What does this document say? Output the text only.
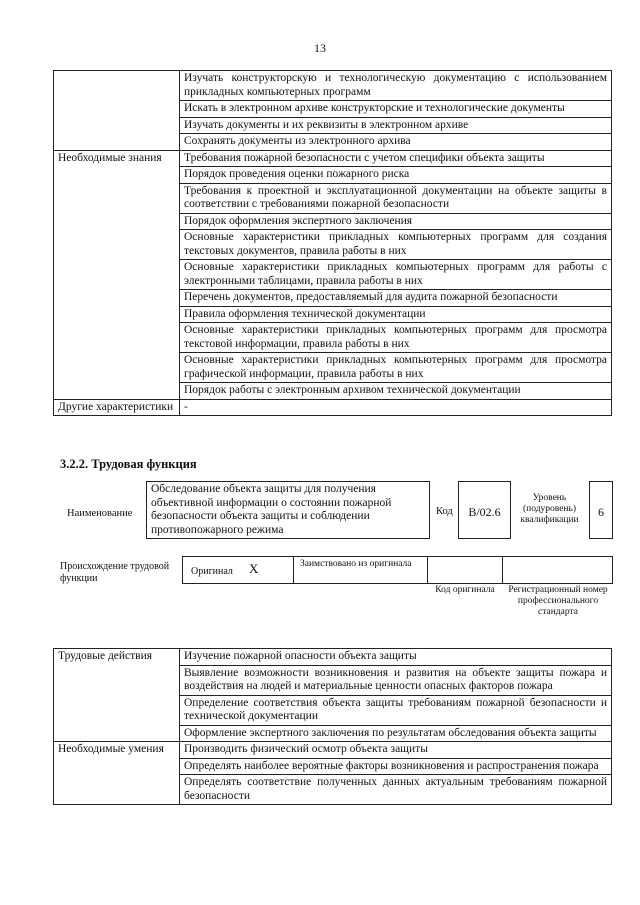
13
	Изучать конструкторскую и технологическую документацию с использованием прикладных компьютерных программ
	Искать в электронном архиве конструкторские и технологические документы
	Изучать документы и их реквизиты в электронном архиве
	Сохранять документы из электронного архива
Необходимые знания	Требования пожарной безопасности с учетом специфики объекта защиты
	Порядок проведения оценки пожарного риска
	Требования к проектной и эксплуатационной документации на объекте защиты в соответствии с требованиями пожарной безопасности
	Порядок оформления экспертного заключения
	Основные характеристики прикладных компьютерных программ для создания текстовых документов, правила работы в них
	Основные характеристики прикладных компьютерных программ для работы с электронными таблицами, правила работы в них
	Перечень документов, предоставляемый для аудита пожарной безопасности
	Правила оформления технической документации
	Основные характеристики прикладных компьютерных программ для просмотра текстовой информации, правила работы в них
	Основные характеристики прикладных компьютерных программ для просмотра графической информации, правила работы в них
	Порядок работы с электронным архивом технической документации
Другие характеристики	-
3.2.2. Трудовая функция
Наименование
Обследование объекта защиты для получения объективной информации о состоянии пожарной безопасности объекта защиты и соблюдении противопожарного режима
Код	В/02.6
Уровень (подуровень) квалификации
6
Происхождение трудовой функции
Оригинал X	Заимствовано из оригинала
Код оригинала	Регистрационный номер профессионального стандарта
Трудовые действия	Изучение пожарной опасности объекта защиты
	Выявление возможности возникновения и развития на объекте защиты пожара и воздействия на людей и материальные ценности опасных факторов пожара
	Определение соответствия объекта защиты требованиям пожарной безопасности и технической документации
	Оформление экспертного заключения по результатам обследования объекта защиты
Необходимые умения	Производить физический осмотр объекта защиты
	Определять наиболее вероятные факторы возникновения и распространения пожара
	Определять соответствие полученных данных актуальным требованиям пожарной безопасности
